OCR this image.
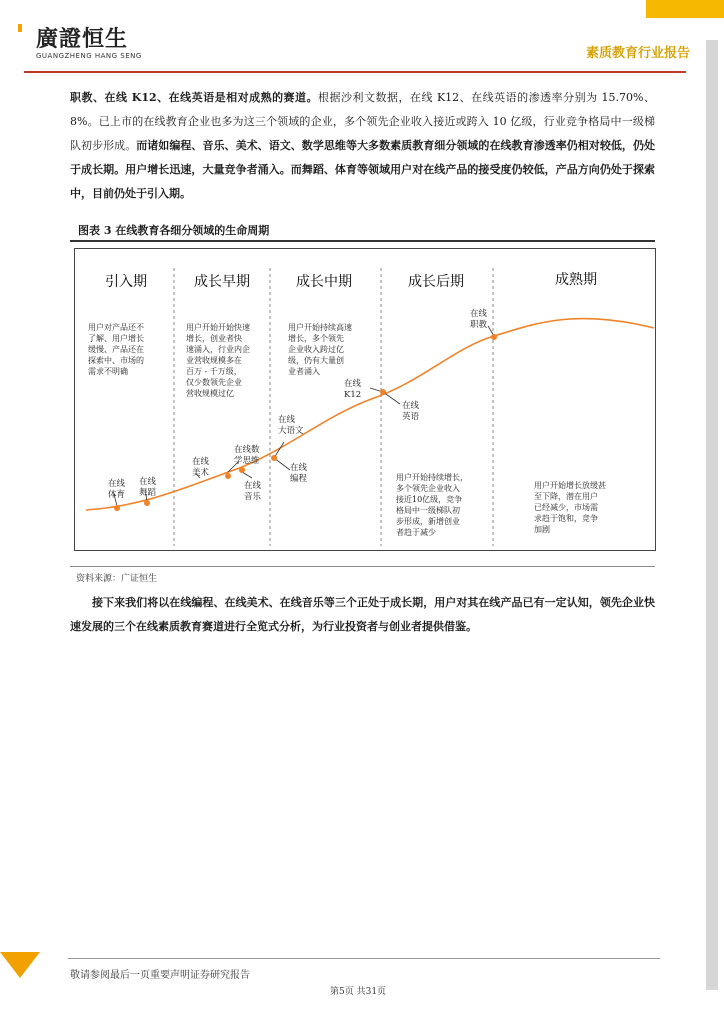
廣證恒生
GUANGZHENG HANG SENG	素质教育行业报告
职教、在线 K12、在线英语是相对成熟的赛道。根据沙利文数据，在线 K12、在线英语的渗透率分别为 15.70%、8%。已上市的在线教育企业也多为这三个领域的企业，多个领先企业收入接近或跨入 10 亿级，行业竞争格局中一级梯队初步形成。而诸如编程、音乐、美术、语文、数学思维等大多数素质教育细分领域的在线教育渗透率仍相对较低，仍处于成长期。用户增长迅速，大量竞争者涌入。而舞蹈、体育等领域用户对在线产品的接受度仍较低，产品方向仍处于探索中，目前仍处于引入期。
图表 3 在线教育各细分领域的生命周期
引入期	成长早期	成长中期	成长后期	成熟期
在线体育
在线舞蹈
在线美术
在线音乐
在线数学思维
在线大语文
在线编程
在线 K12
在线英语
在线职教
用户对产品还不了解、用户增长缓慢、产品还在探索中、市场的需求不明确
用户开始开始快速增长，创业者快速涌入，行业内企业营收规模多在百万 - 千万级，仅少数领先企业营收规模过亿
用户开始持续高速增长，多个领先企业收入跨过亿级，仍有大量创业者涌入
用户开始持续增长，多个领先企业收入接近10亿级，竞争格局中一级梯队初步形成，新增创业者趋于减少
用户开始增长放缓甚至下降，潜在用户已经减少，市场需求趋于饱和，竞争加剧
资料来源：广证恒生
接下来我们将以在线编程、在线美术、在线音乐等三个正处于成长期，用户对其在线产品已有一定认知，领先企业快速发展的三个在线素质教育赛道进行全览式分析，为行业投资者与创业者提供借鉴。
敬请参阅最后一页重要声明证券研究报告
第5页 共31页
